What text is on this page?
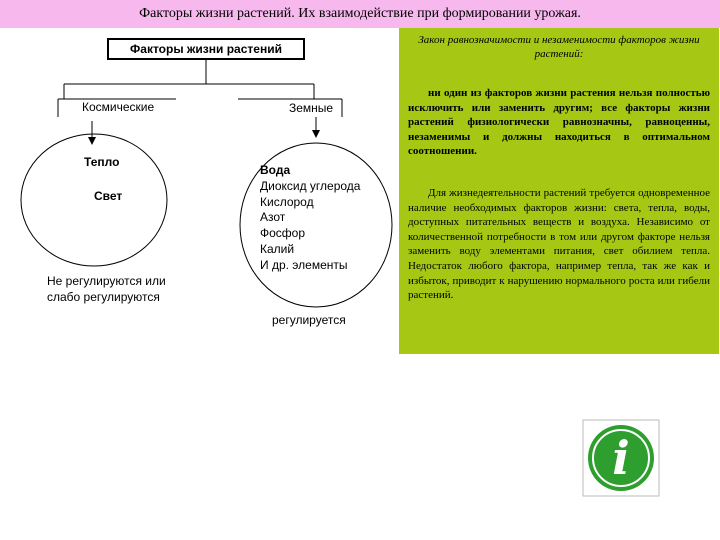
Факторы жизни растений. Их взаимодействие при формировании урожая.
Факторы жизни растений
Космические	Земные
Тепло
Свет
Вода
Диоксид углерода
Кислород
Азот
Фосфор
Калий
И др. элементы
Не регулируются или слабо регулируются
регулируется
Закон равнозначимости и незаменимости факторов жизни растений:

ни один из факторов жизни растения нельзя полностью исключить или заменить другим; все факторы жизни растений физиологически равнозначны, равноценны, незаменимы и должны находиться в оптимальном соотношении.

Для жизнедеятельности растений требуется одновременное наличие необходимых факторов жизни: света, тепла, воды, доступных питательных веществ и воздуха. Независимо от количественной потребности в том или другом факторе нельзя заменить воду элементами питания, свет обилием тепла. Недостаток любого фактора, например тепла, так же как и избыток, приводит к нарушению нормального роста или гибели растений.

i
